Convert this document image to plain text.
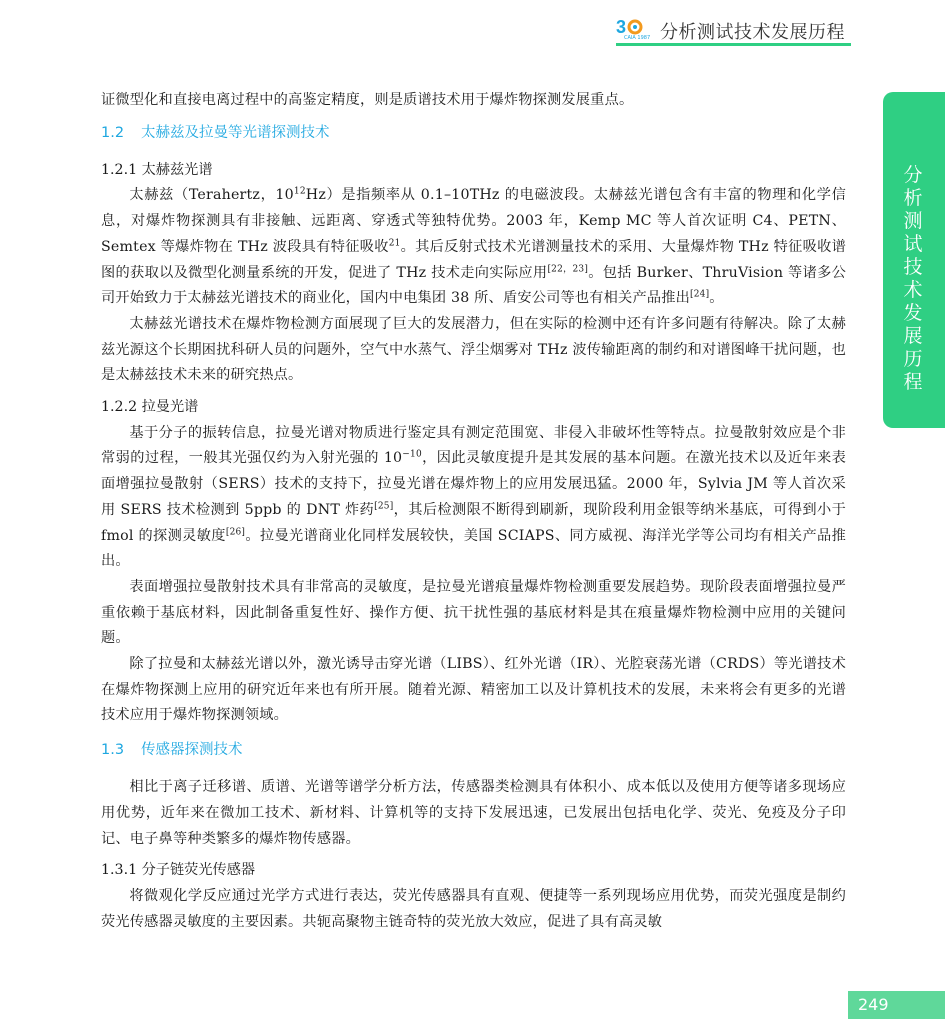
3
CAIA 1987 分析测试技术发展历程
分
析
测
试
技
术
发
展
历
程

证微型化和直接电离过程中的高鉴定精度，则是质谱技术用于爆炸物探测发展重点。

1.2 太赫兹及拉曼等光谱探测技术
1.2.1 太赫兹光谱

太赫兹（Terahertz，$10^{12}Hz$）是指频率从 0.1–10THz 的电磁波段。太赫兹光谱包含有丰富的物理和化学信息，对爆炸物探测具有非接触、远距离、穿透式等独特优势。2003 年，Kemp MC 等人首次证明 C4、PETN、Semtex 等爆炸物在 THz 波段具有特征吸收$^{21}$。其后反射式技术光谱测量技术的采用、大量爆炸物 THz 特征吸收谱图的获取以及微型化测量系统的开发，促进了 THz 技术走向实际应用[22，23]。包括 Burker、ThruVision 等诸多公司开始致力于太赫兹光谱技术的商业化，国内中电集团 38 所、盾安公司等也有相关产品推出[24]。

太赫兹光谱技术在爆炸物检测方面展现了巨大的发展潜力，但在实际的检测中还有许多问题有待解决。除了太赫兹光源这个长期困扰科研人员的问题外，空气中水蒸气、浮尘烟雾对 THz 波传输距离的制约和对谱图峰干扰问题，也是太赫兹技术未来的研究热点。

1.2.2 拉曼光谱

基于分子的振转信息，拉曼光谱对物质进行鉴定具有测定范围宽、非侵入非破坏性等特点。拉曼散射效应是个非常弱的过程，一般其光强仅约为入射光强的 $10^{-10}$，因此灵敏度提升是其发展的基本问题。在激光技术以及近年来表面增强拉曼散射（SERS）技术的支持下，拉曼光谱在爆炸物上的应用发展迅猛。2000 年，Sylvia JM 等人首次采用 SERS 技术检测到 5ppb 的 DNT 炸药[25]，其后检测限不断得到刷新，现阶段利用金银等纳米基底，可得到小于 fmol 的探测灵敏度[26]。拉曼光谱商业化同样发展较快，美国 SCIAPS、同方威视、海洋光学等公司均有相关产品推出。

表面增强拉曼散射技术具有非常高的灵敏度，是拉曼光谱痕量爆炸物检测重要发展趋势。现阶段表面增强拉曼严重依赖于基底材料，因此制备重复性好、操作方便、抗干扰性强的基底材料是其在痕量爆炸物检测中应用的关键问题。

除了拉曼和太赫兹光谱以外，激光诱导击穿光谱（LIBS）、红外光谱（IR）、光腔衰荡光谱（CRDS）等光谱技术在爆炸物探测上应用的研究近年来也有所开展。随着光源、精密加工以及计算机技术的发展，未来将会有更多的光谱技术应用于爆炸物探测领域。

1.3 传感器探测技术

相比于离子迁移谱、质谱、光谱等谱学分析方法，传感器类检测具有体积小、成本低以及使用方便等诸多现场应用优势，近年来在微加工技术、新材料、计算机等的支持下发展迅速，已发展出包括电化学、荧光、免疫及分子印记、电子鼻等种类繁多的爆炸物传感器。

1.3.1 分子链荧光传感器

将微观化学反应通过光学方式进行表达，荧光传感器具有直观、便捷等一系列现场应用优势，而荧光强度是制约荧光传感器灵敏度的主要因素。共轭高聚物主链奇特的荧光放大效应，促进了具有高灵敏

249
